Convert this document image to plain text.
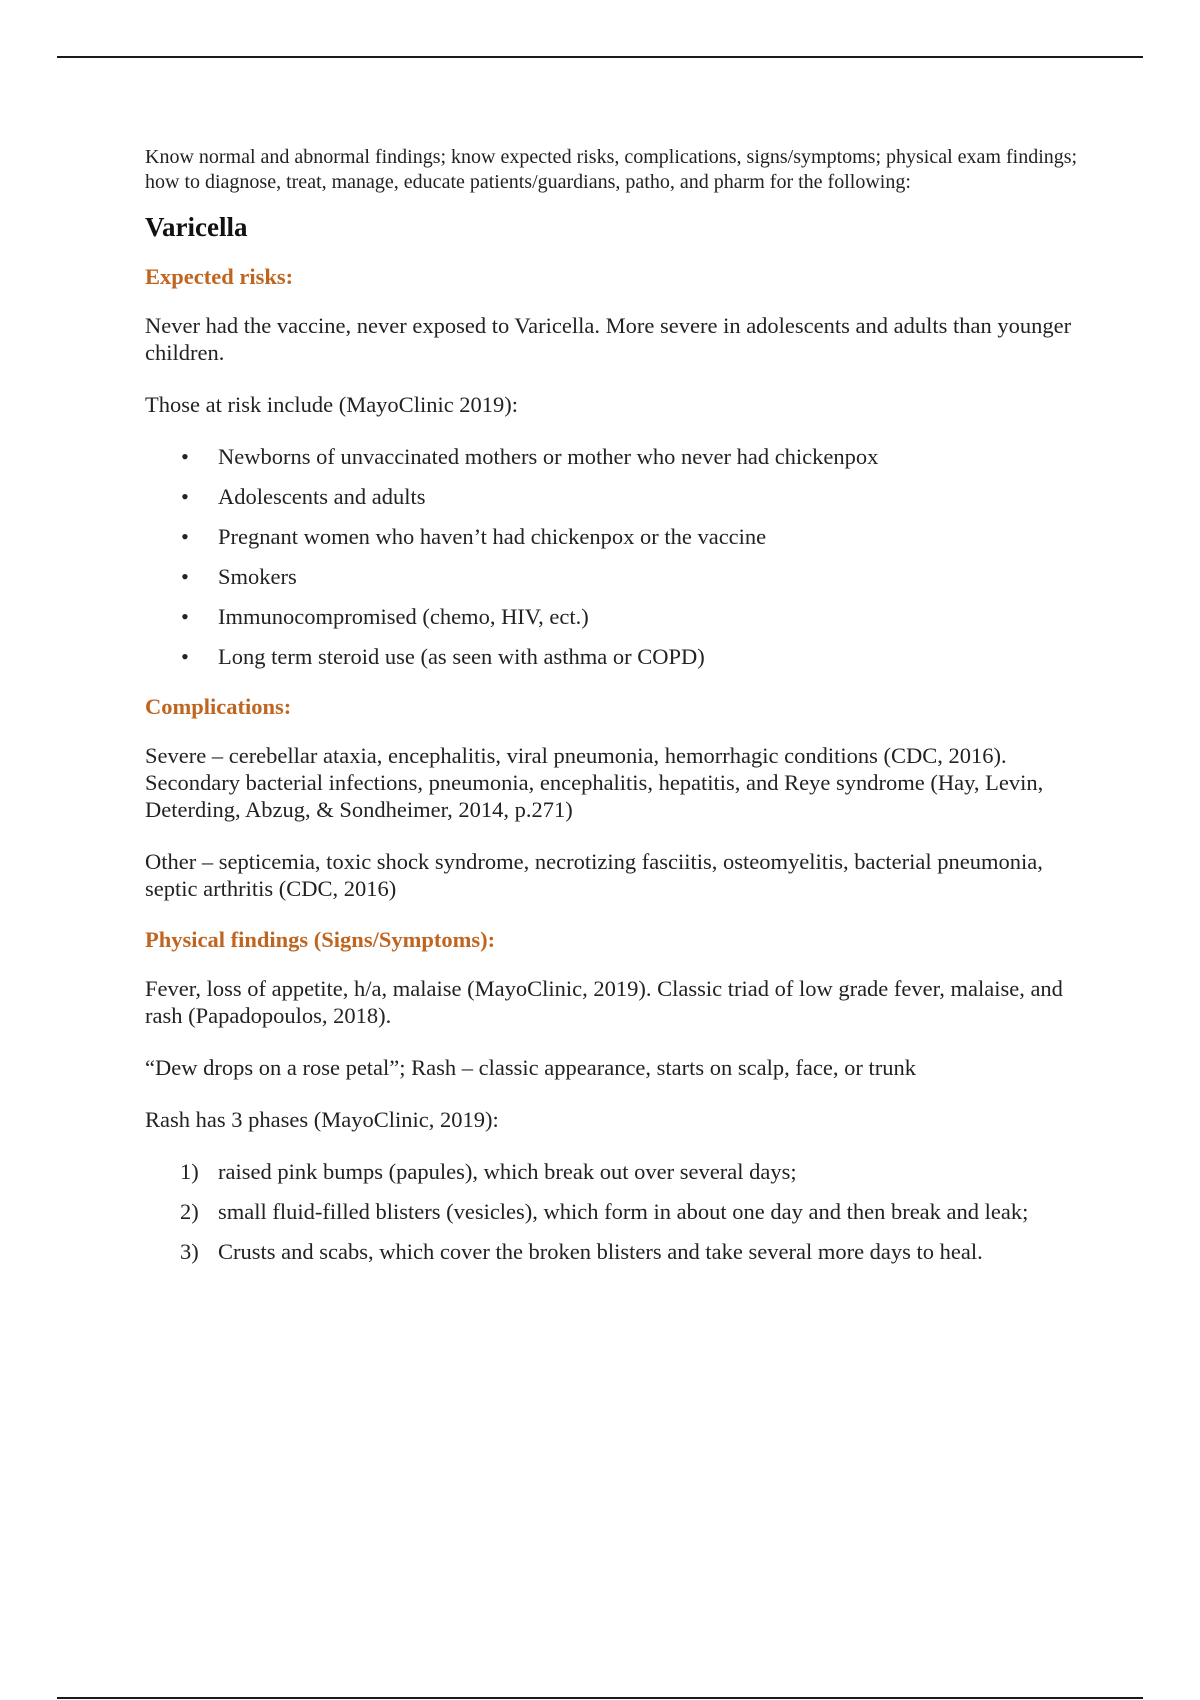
Know normal and abnormal findings; know expected risks, complications, signs/symptoms; physical exam findings; how to diagnose, treat, manage, educate patients/guardians, patho, and pharm for the following:

Varicella
Expected risks:

Never had the vaccine, never exposed to Varicella. More severe in adolescents and adults than younger children.

Those at risk include (MayoClinic 2019):

• Newborns of unvaccinated mothers or mother who never had chickenpox
• Adolescents and adults
• Pregnant women who haven’t had chickenpox or the vaccine
• Smokers
• Immunocompromised (chemo, HIV, ect.)
• Long term steroid use (as seen with asthma or COPD)
Complications:

Severe – cerebellar ataxia, encephalitis, viral pneumonia, hemorrhagic conditions (CDC, 2016). Secondary bacterial infections, pneumonia, encephalitis, hepatitis, and Reye syndrome (Hay, Levin, Deterding, Abzug, & Sondheimer, 2014, p.271)

Other – septicemia, toxic shock syndrome, necrotizing fasciitis, osteomyelitis, bacterial pneumonia, septic arthritis (CDC, 2016)

Physical findings (Signs/Symptoms):

Fever, loss of appetite, h/a, malaise (MayoClinic, 2019). Classic triad of low grade fever, malaise, and rash (Papadopoulos, 2018).

“Dew drops on a rose petal”; Rash – classic appearance, starts on scalp, face, or trunk

Rash has 3 phases (MayoClinic, 2019):

1) raised pink bumps (papules), which break out over several days;
2) small fluid-filled blisters (vesicles), which form in about one day and then break and leak;
3) Crusts and scabs, which cover the broken blisters and take several more days to heal.
